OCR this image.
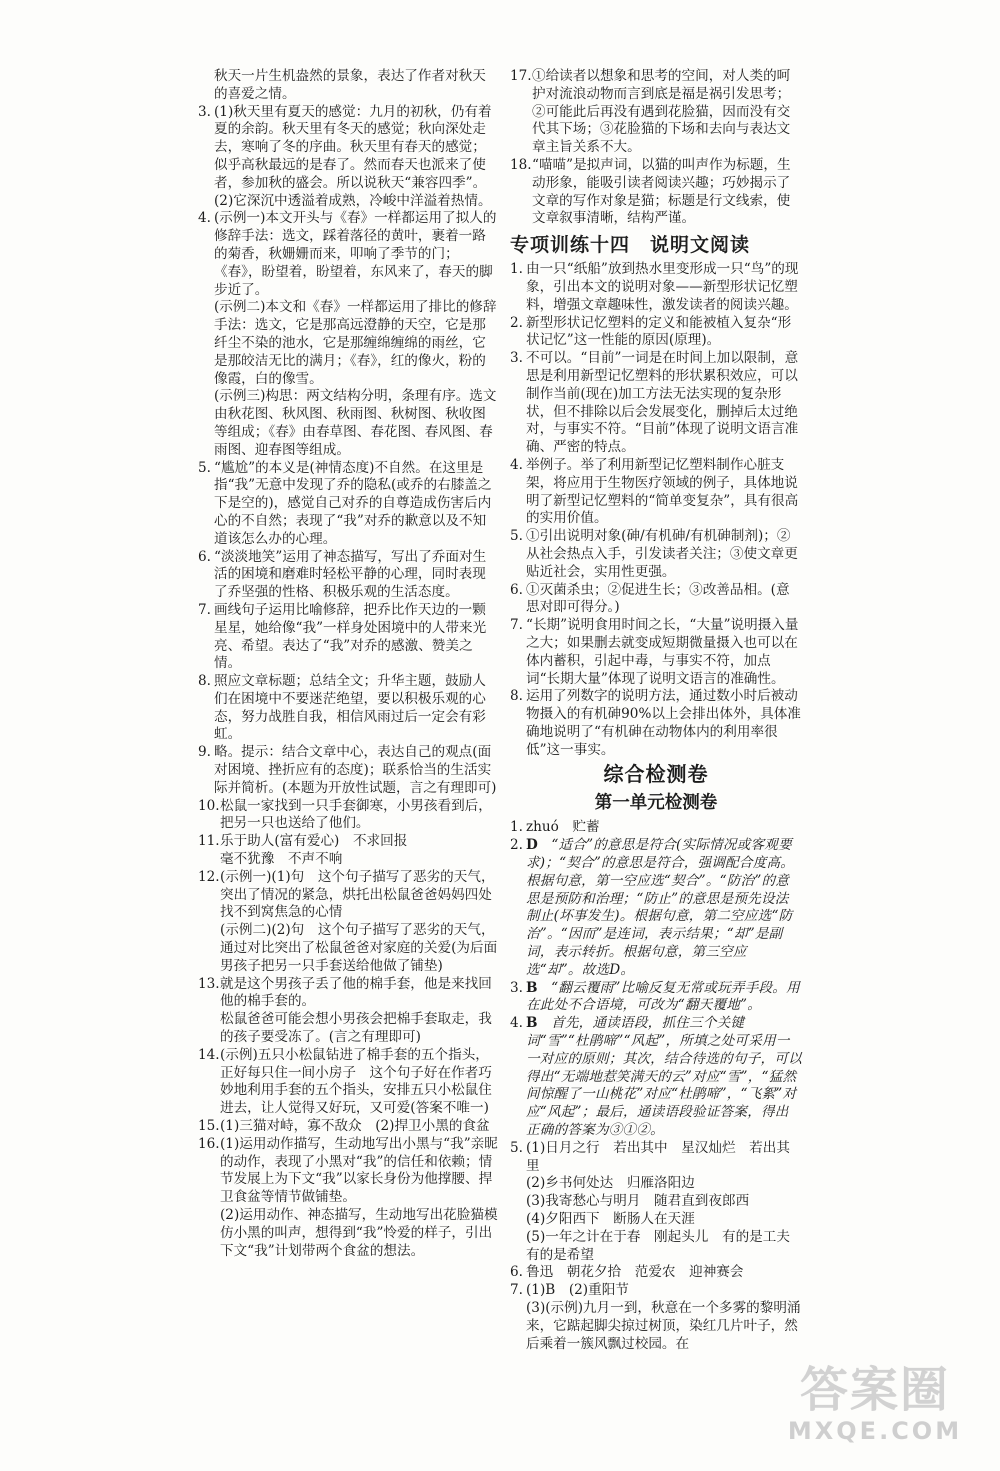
秋天一片生机盎然的景象，表达了作者对秋天的喜爱之情。

3. (1)秋天里有夏天的感觉：九月的初秋，仍有着夏的余韵。秋天里有冬天的感觉；秋向深处走去，寒响了冬的序曲。秋天里有春天的感觉；似乎高秋最远的是春了。然而春天也派来了使者，参加秋的盛会。所以说秋天“兼容四季”。

(2)它深沉中透溢着成熟，冷峻中洋溢着热情。

4. (示例一)本文开头与《春》一样都运用了拟人的修辞手法：选文，踩着落径的黄叶，裹着一路的菊香，秋姗姗而来，叩响了季节的门；《春》，盼望着，盼望着，东风来了，春天的脚步近了。

(示例二)本文和《春》一样都运用了排比的修辞手法：选文，它是那高远澄静的天空，它是那纤尘不染的池水，它是那缠绵缠绵的雨丝，它是那皎洁无比的满月；《春》，红的像火，粉的像霞，白的像雪。

(示例三)构思：两文结构分明，条理有序。选文由秋花图、秋风图、秋雨图、秋树图、秋收图等组成；《春》由春草图、春花图、春风图、春雨图、迎春图等组成。

5. “尴尬”的本义是(神情态度)不自然。在这里是指“我”无意中发现了乔的隐私(或乔的右膝盖之下是空的)，感觉自己对乔的自尊造成伤害后内心的不自然；表现了“我”对乔的歉意以及不知道该怎么办的心理。

6. “淡淡地笑”运用了神态描写，写出了乔面对生活的困境和磨难时轻松平静的心理，同时表现了乔坚强的性格、积极乐观的生活态度。

7. 画线句子运用比喻修辞，把乔比作天边的一颗星星，她给像“我”一样身处困境中的人带来光亮、希望。表达了“我”对乔的感激、赞美之情。

8. 照应文章标题；总结全文；升华主题，鼓励人们在困境中不要迷茫绝望，要以积极乐观的心态，努力战胜自我，相信风雨过后一定会有彩虹。

9. 略。提示：结合文章中心，表达自己的观点(面对困境、挫折应有的态度)；联系恰当的生活实际并简析。(本题为开放性试题，言之有理即可)

10. 松鼠一家找到一只手套御寒，小男孩看到后，把另一只也送给了他们。

11. 乐于助人(富有爱心)　不求回报

毫不犹豫　不声不响

12. (示例一)(1)句　这个句子描写了恶劣的天气，突出了情况的紧急，烘托出松鼠爸爸妈妈四处找不到窝焦急的心情

(示例二)(2)句　这个句子描写了恶劣的天气，通过对比突出了松鼠爸爸对家庭的关爱(为后面男孩子把另一只手套送给他做了铺垫)

13. 就是这个男孩子丢了他的棉手套，他是来找回他的棉手套的。

松鼠爸爸可能会想小男孩会把棉手套取走，我的孩子要受冻了。(言之有理即可)

14. (示例)五只小松鼠钻进了棉手套的五个指头，正好每只住一间小房子　这个句子好在作者巧妙地利用手套的五个指头，安排五只小松鼠住进去，让人觉得又好玩，又可爱(答案不唯一)

15. (1)三猫对峙，寡不敌众　(2)捍卫小黑的食盆

16. (1)运用动作描写，生动地写出小黑与“我”亲昵的动作，表现了小黑对“我”的信任和依赖；情节发展上为下文“我”以家长身份为他撑腰、捍卫食盆等情节做铺垫。

(2)运用动作、神态描写，生动地写出花脸猫模仿小黑的叫声，想得到“我”怜爱的样子，引出下文“我”计划带两个食盆的想法。

17. ①给读者以想象和思考的空间，对人类的呵护对流浪动物而言到底是福是祸引发思考；②可能此后再没有遇到花脸猫，因而没有交代其下场；③花脸猫的下场和去向与表达文章主旨关系不大。

18. “喵喵”是拟声词，以猫的叫声作为标题，生动形象，能吸引读者阅读兴趣；巧妙揭示了文章的写作对象是猫；标题是行文线索，使文章叙事清晰，结构严谨。

专项训练十四　说明文阅读
1. 由一只“纸船”放到热水里变形成一只“鸟”的现象，引出本文的说明对象——新型形状记忆塑料，增强文章趣味性，激发读者的阅读兴趣。

2. 新型形状记忆塑料的定义和能被植入复杂“形状记忆”这一性能的原因(原理)。

3. 不可以。“目前”一词是在时间上加以限制，意思是利用新型记忆塑料的形状累积效应，可以制作当前(现在)加工方法无法实现的复杂形状，但不排除以后会发展变化，删掉后太过绝对，与事实不符。“目前”体现了说明文语言准确、严密的特点。

4. 举例子。举了利用新型记忆塑料制作心脏支架，将应用于生物医疗领域的例子，具体地说明了新型记忆塑料的“简单变复杂”，具有很高的实用价值。

5. ①引出说明对象(砷/有机砷/有机砷制剂)；②从社会热点入手，引发读者关注；③使文章更贴近社会，实用性更强。

6. ①灭菌杀虫；②促进生长；③改善品相。(意思对即可得分。)

7. “长期”说明食用时间之长，“大量”说明摄入量之大；如果删去就变成短期微量摄入也可以在体内蓄积，引起中毒，与事实不符，加点词“长期大量”体现了说明文语言的准确性。

8. 运用了列数字的说明方法，通过数小时后被动物摄入的有机砷90%以上会排出体外，具体准确地说明了“有机砷在动物体内的利用率很低”这一事实。

综合检测卷
第一单元检测卷
1. zhuó　贮蓄

2. D　 “适合”的意思是符合(实际情况或客观要求)；“契合”的意思是符合，强调配合度高。根据句意，第一空应选“契合”。“防治”的意思是预防和治理；“防止”的意思是预先设法制止(坏事发生)。根据句意，第二空应选“防治”。“因而”是连词，表示结果；“却”是副词，表示转折。根据句意，第三空应选“却”。故选D。

3. B　 “翻云覆雨”比喻反复无常或玩弄手段。用在此处不合语境，可改为“翻天覆地”。

4. B　 首先，通读语段，抓住三个关键词“雪”“杜鹃啼”“风起”，所填之处可采用一一对应的原则；其次，结合待选的句子，可以得出“无端地惹笑满天的云”对应“雪”，“猛然间惊醒了一山桃花”对应“杜鹃啼”，“飞絮”对应“风起”；最后，通读语段验证答案，得出正确的答案为③①②。

5. (1)日月之行　若出其中　星汉灿烂　若出其里

(2)乡书何处达　归雁洛阳边

(3)我寄愁心与明月　随君直到夜郎西

(4)夕阳西下　断肠人在天涯

(5)一年之计在于春　刚起头儿　有的是工夫　有的是希望

6. 鲁迅　朝花夕拾　范爱农　迎神赛会

7. (1)B　(2)重阳节

(3)(示例)九月一到，秋意在一个多雾的黎明涌来，它踮起脚尖掠过树顶，染红几片叶子，然后乘着一簇风飘过校园。在

答案圈
MXQE.COM
